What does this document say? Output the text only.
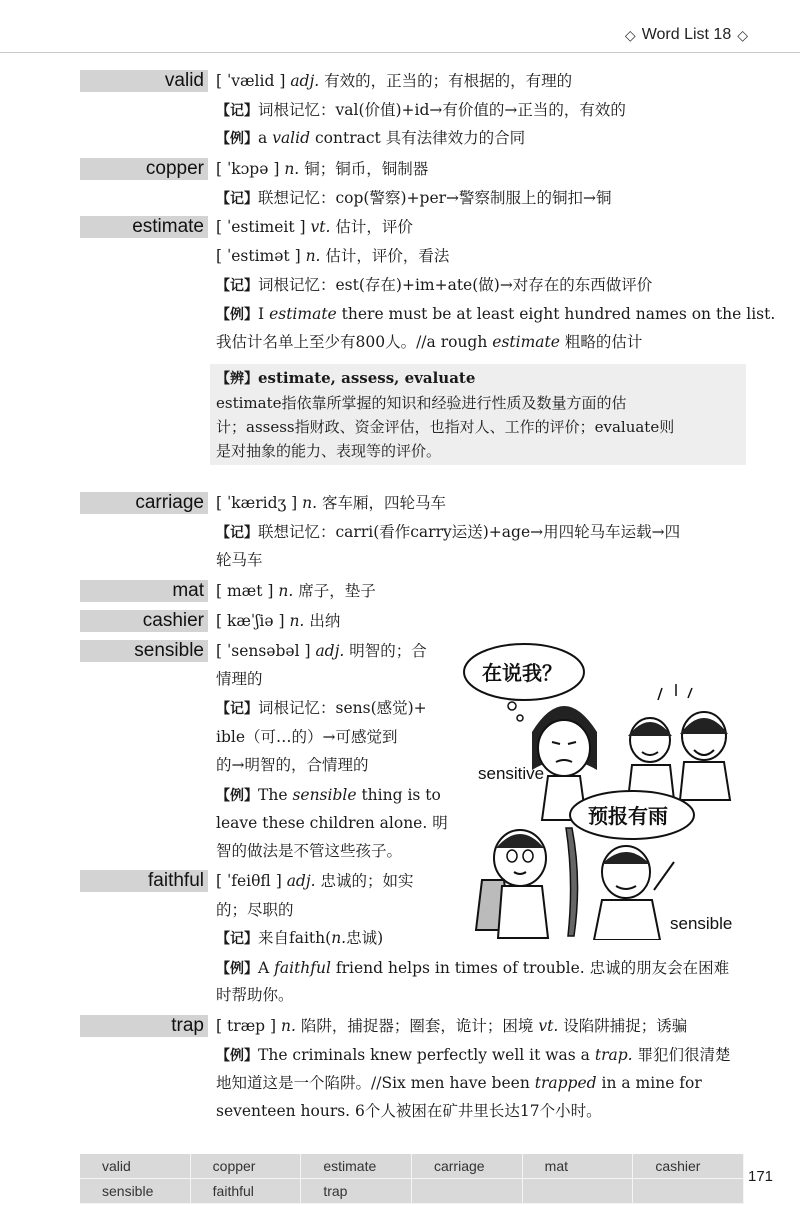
◇ Word List 18 ◇
valid [ ˈvælid ] adj. 有效的，正当的；有根据的，有理的
【记】词根记忆：val(价值)+id→有价值的→正当的，有效的
【例】a valid contract 具有法律效力的合同
copper [ ˈkɔpə ] n. 铜；铜币，铜制器
【记】联想记忆：cop(警察)+per→警察制服上的铜扣→铜
estimate [ ˈestimeit ] vt. 估计，评价
[ ˈestimət ] n. 估计，评价，看法
【记】词根记忆：est(存在)+im+ate(做)→对存在的东西做评价
【例】I estimate there must be at least eight hundred names on the list.
我估计名单上至少有800人。//a rough estimate 粗略的估计
【辨】estimate, assess, evaluate
estimate指依靠所掌握的知识和经验进行性质及数量方面的估
计；assess指财政、资金评估，也指对人、工作的评价；evaluate则
是对抽象的能力、表现等的评价。
carriage [ ˈkæridʒ ] n. 客车厢，四轮马车
【记】联想记忆：carri(看作carry运送)+age→用四轮马车运载→四
轮马车
mat [ mæt ] n. 席子，垫子
cashier [ kæˈʃiə ] n. 出纳
sensible [ ˈsensəbəl ] adj. 明智的；合
情理的
【记】词根记忆：sens(感觉)+
ible（可…的）→可感觉到
的→明智的，合情理的
【例】The sensible thing is to
leave these children alone. 明
智的做法是不管这些孩子。
faithful [ ˈfeiθfl ] adj. 忠诚的；如实
的；尽职的
【记】来自faith(n.忠诚)
【例】A faithful friend helps in times of trouble. 忠诚的朋友会在困难
时帮助你。
trap [ træp ] n. 陷阱，捕捉器；圈套，诡计；困境 vt. 设陷阱捕捉；诱骗
【例】The criminals knew perfectly well it was a trap. 罪犯们很清楚
地知道这是一个陷阱。//Six men have been trapped in a mine for
seventeen hours. 6个人被困在矿井里长达17个小时。
在说我？
预报有雨
sensitive
sensible
valid	copper	estimate	carriage	mat	cashier
sensible	faithful	trap
171
